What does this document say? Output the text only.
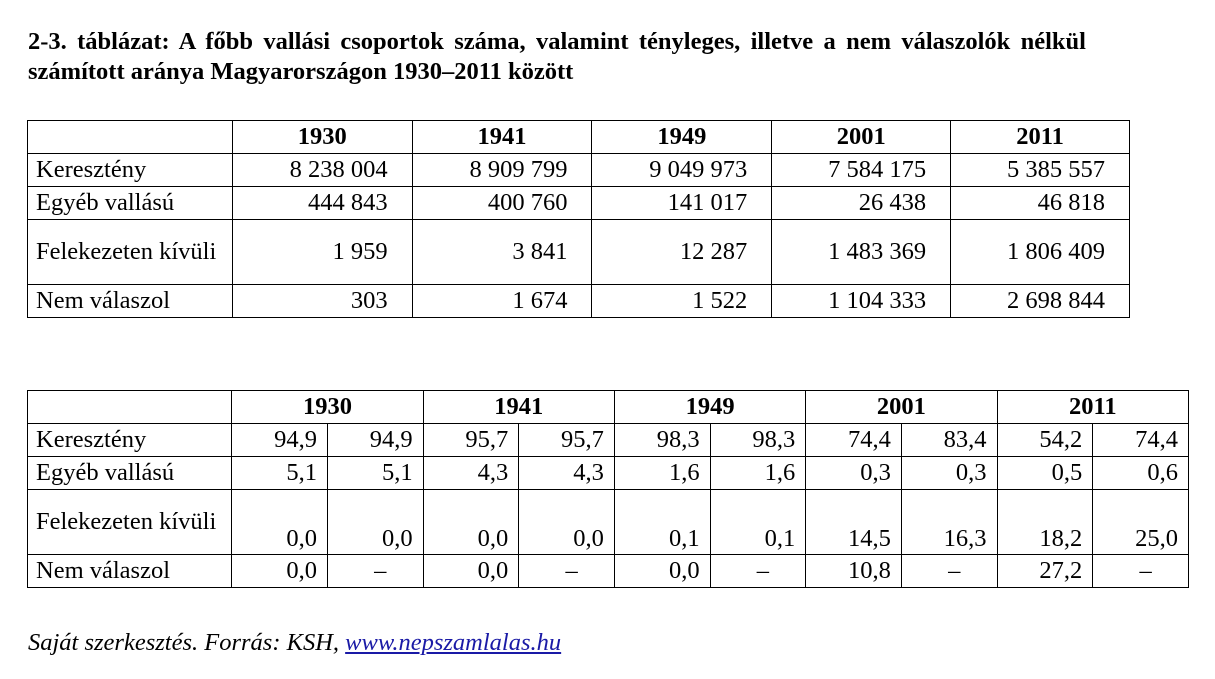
2-3. táblázat: A főbb vallási csoportok száma, valamint tényleges, illetve a nem válaszolók nélkül számított aránya Magyarországon 1930–2011 között
	1930	1941	1949	2001	2011
Keresztény	8 238 004	8 909 799	9 049 973	7 584 175	5 385 557
Egyéb vallású	444 843	400 760	141 017	26 438	46 818
Felekezeten kívüli	1 959	3 841	12 287	1 483 369	1 806 409
Nem válaszol	303	1 674	1 522	1 104 333	2 698 844
	1930		1941		1949		2001		2011	
Keresztény	94,9	94,9	95,7	95,7	98,3	98,3	74,4	83,4	54,2	74,4
Egyéb vallású	5,1	5,1	4,3	4,3	1,6	1,6	0,3	0,3	0,5	0,6
Felekezeten kívüli	0,0	0,0	0,0	0,0	0,1	0,1	14,5	16,3	18,2	25,0
Nem válaszol	0,0	–	0,0	–	0,0	–	10,8	–	27,2	–
Saját szerkesztés. Forrás: KSH, www.nepszamlalas.hu
